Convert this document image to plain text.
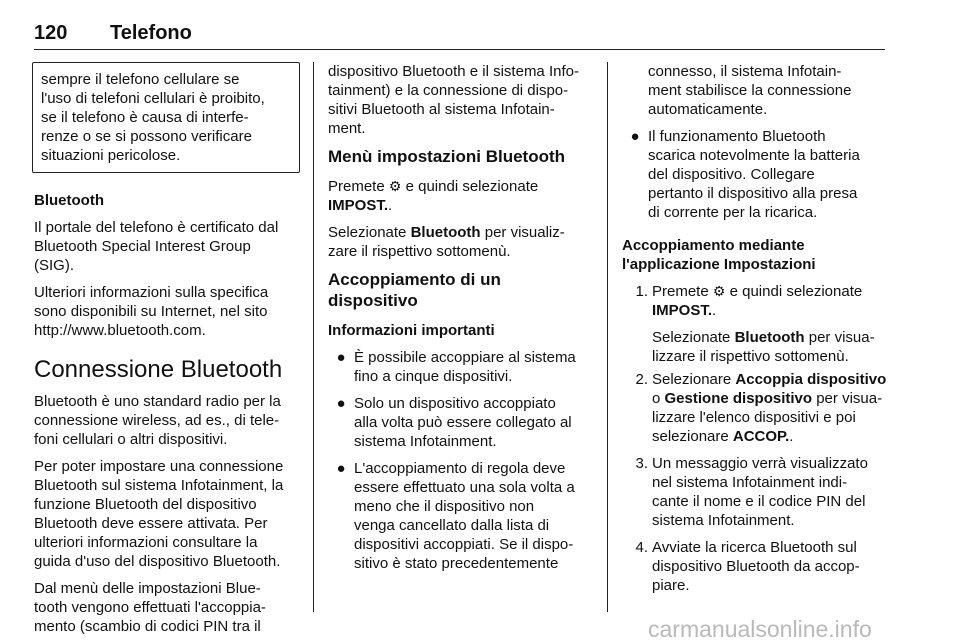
120 Telefono
sempre il telefono cellulare se
l'uso di telefoni cellulari è proibito,
se il telefono è causa di interfe-
renze o se si possono verificare
situazioni pericolose.
Bluetooth
Il portale del telefono è certificato dal
Bluetooth Special Interest Group
(SIG).
Ulteriori informazioni sulla specifica
sono disponibili su Internet, nel sito
http://www.bluetooth.com.
Connessione Bluetooth
Bluetooth è uno standard radio per la
connessione wireless, ad es., di tele-
foni cellulari o altri dispositivi.
Per poter impostare una connessione
Bluetooth sul sistema Infotainment, la
funzione Bluetooth del dispositivo
Bluetooth deve essere attivata. Per
ulteriori informazioni consultare la
guida d'uso del dispositivo Bluetooth.
Dal menù delle impostazioni Blue-
tooth vengono effettuati l'accoppia-
mento (scambio di codici PIN tra il
dispositivo Bluetooth e il sistema Info-
tainment) e la connessione di dispo-
sitivi Bluetooth al sistema Infotain-
ment.
Menù impostazioni Bluetooth
Premete ⚙ e quindi selezionate
IMPOST..
Selezionate Bluetooth per visualiz-
zare il rispettivo sottomenù.
Accoppiamento di un dispositivo
Informazioni importanti
● È possibile accoppiare al sistema
fino a cinque dispositivi.
● Solo un dispositivo accoppiato
alla volta può essere collegato al
sistema Infotainment.
● L'accoppiamento di regola deve
essere effettuato una sola volta a
meno che il dispositivo non
venga cancellato dalla lista di
dispositivi accoppiati. Se il dispo-
sitivo è stato precedentemente
connesso, il sistema Infotain-
ment stabilisce la connessione
automaticamente.
● Il funzionamento Bluetooth
scarica notevolmente la batteria
del dispositivo. Collegare
pertanto il dispositivo alla presa
di corrente per la ricarica.
Accoppiamento mediante
l'applicazione Impostazioni
1. Premete ⚙ e quindi selezionate
IMPOST..
Selezionate Bluetooth per visua-
lizzare il rispettivo sottomenù.
2. Selezionare Accoppia dispositivo
o Gestione dispositivo per visua-
lizzare l'elenco dispositivi e poi
selezionare ACCOP..
3. Un messaggio verrà visualizzato
nel sistema Infotainment indi-
cante il nome e il codice PIN del
sistema Infotainment.
4. Avviate la ricerca Bluetooth sul
dispositivo Bluetooth da accop-
piare.
carmanualsonline.info
